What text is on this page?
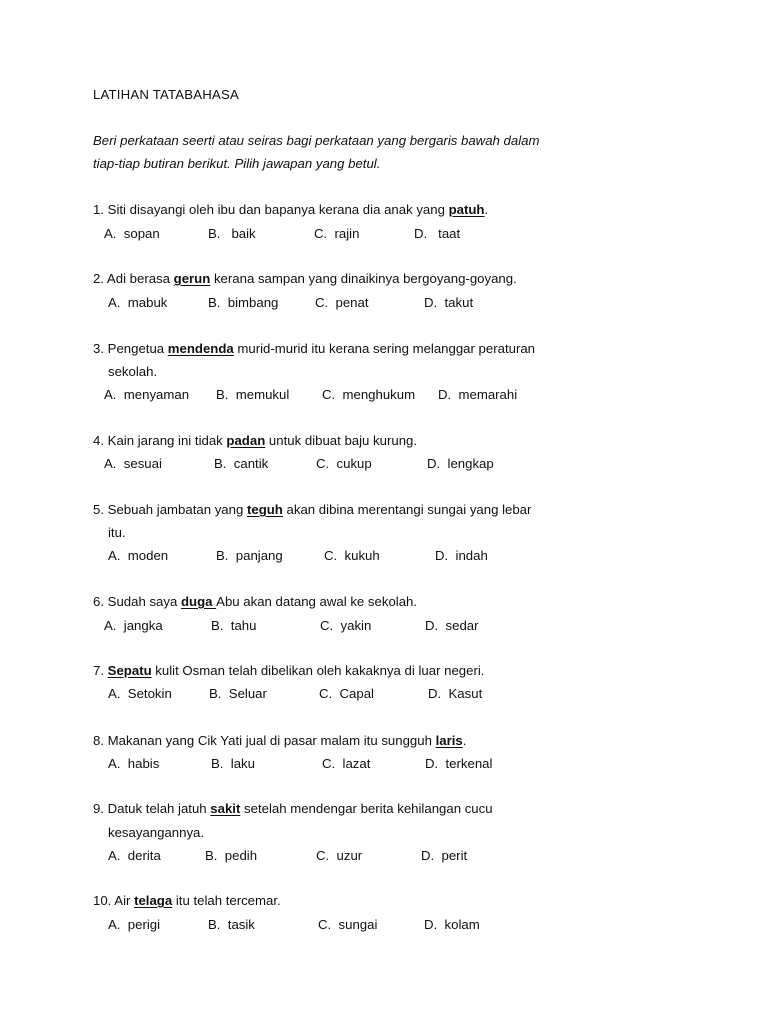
LATIHAN TATABAHASA
Beri perkataan seerti atau seiras bagi perkataan yang bergaris bawah dalam
tiap-tiap butiran berikut. Pilih jawapan yang betul.
1. Siti disayangi oleh ibu dan bapanya kerana dia anak yang patuh.
A.  sopan	B.   baik	C.  rajin	D.   taat
2. Adi berasa gerun kerana sampan yang dinaikinya bergoyang-goyang.
A.  mabuk	B.  bimbang	C.  penat	D.  takut
3. Pengetua mendenda murid-murid itu kerana sering melanggar peraturan
sekolah.
A.  menyaman B.  memukul C.  menghukum D.  memarahi
4. Kain jarang ini tidak padan untuk dibuat baju kurung.
A.  sesuai	B.  cantik	C.  cukup	D.  lengkap
5. Sebuah jambatan yang teguh akan dibina merentangi sungai yang lebar
itu.
A.  moden	B.  panjang	C.  kukuh	D.  indah
6. Sudah saya duga Abu akan datang awal ke sekolah.
A.  jangka	B.  tahu	C.  yakin	D.  sedar
7. Sepatu kulit Osman telah dibelikan oleh kakaknya di luar negeri.
A.  Setokin	B.  Seluar	C.  Capal	D.  Kasut
8. Makanan yang Cik Yati jual di pasar malam itu sungguh laris.
A.  habis	B.  laku	C.  lazat	D.  terkenal
9. Datuk telah jatuh sakit setelah mendengar berita kehilangan cucu
kesayangannya.
A.  derita	B.  pedih	C.  uzur	D.  perit
10. Air telaga itu telah tercemar.
A.  perigi	B.  tasik	C.  sungai	D.  kolam
